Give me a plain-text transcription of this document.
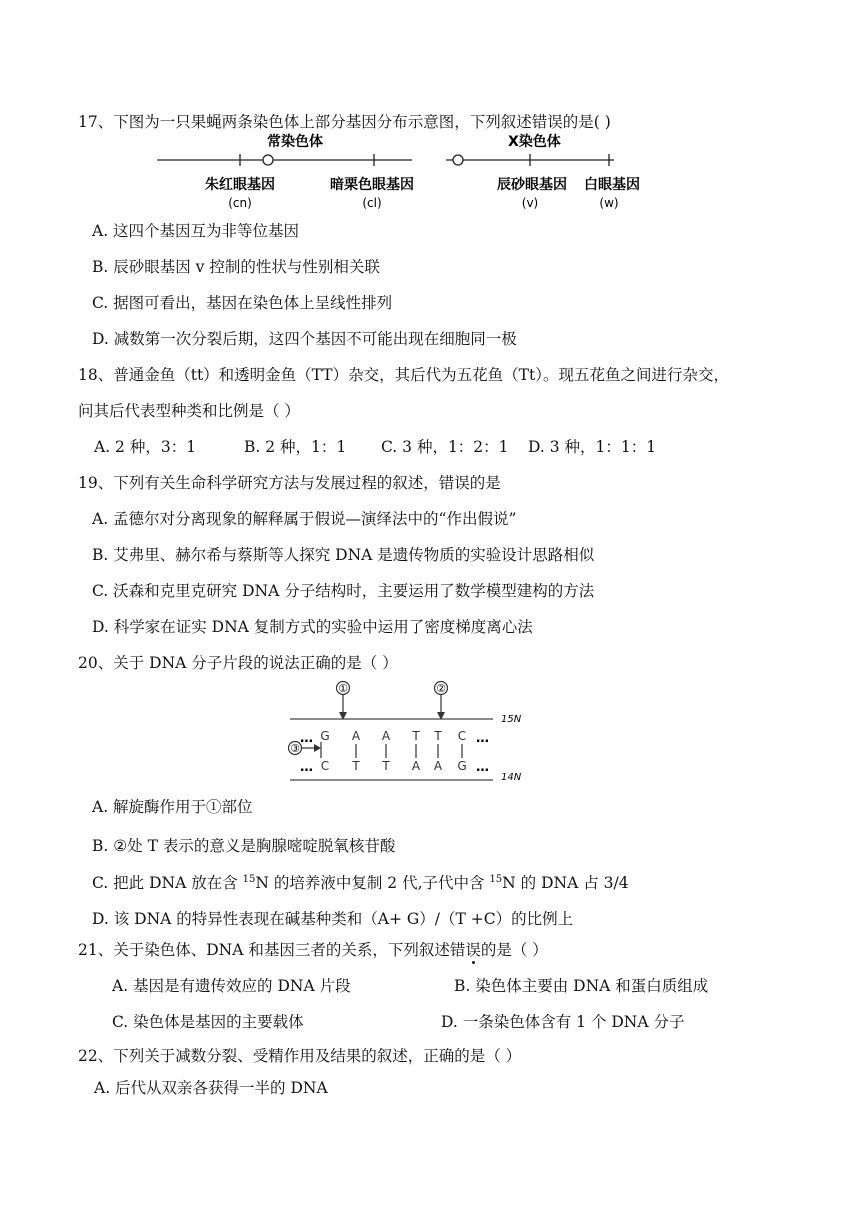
17、下图为一只果蝇两条染色体上部分基因分布示意图，下列叙述错误的是( )
常染色体
朱红眼基因
(cn)
暗栗色眼基因
(cl)
X染色体
辰砂眼基因
(v)
白眼基因
(w)
A. 这四个基因互为非等位基因
B. 辰砂眼基因 v 控制的性状与性别相关联
C. 据图可看出，基因在染色体上呈线性排列
D. 减数第一次分裂后期，这四个基因不可能出现在细胞同一极
18、普通金鱼（tt）和透明金鱼（TT）杂交，其后代为五花鱼（Tt）。现五花鱼之间进行杂交，
问其后代表型种类和比例是（ ）
A. 2 种，3：1	B. 2 种，1：1 C. 3 种，1：2：1 D. 3 种，1：1：1
19、下列有关生命科学研究方法与发展过程的叙述，错误的是
A. 孟德尔对分离现象的解释属于假说—演绎法中的“作出假说”
B. 艾弗里、赫尔希与蔡斯等人探究 DNA 是遗传物质的实验设计思路相似
C. 沃森和克里克研究 DNA 分子结构时，主要运用了数学模型建构的方法
D. 科学家在证实 DNA 复制方式的实验中运用了密度梯度离心法
20、关于 DNA 分子片段的说法正确的是（ ）
①	②
③
15N
14N
…	…
…	…
G A A T T C
C T T A A G
A. 解旋酶作用于①部位
B. ②处 T 表示的意义是胸腺嘧啶脱氧核苷酸
C. 把此 DNA 放在含 $^{15}$N 的培养液中复制 2 代,子代中含 $^{15}$N 的 DNA 占 3/4
D. 该 DNA 的特异性表现在碱基种类和（A+ G）/（T +C）的比例上
21、关于染色体、DNA 和基因三者的关系，下列叙述错误的是（ ）
A. 基因是有遗传效应的 DNA 片段	B. 染色体主要由 DNA 和蛋白质组成
C. 染色体是基因的主要载体	D. 一条染色体含有 1 个 DNA 分子
22、下列关于减数分裂、受精作用及结果的叙述，正确的是（ ）
A. 后代从双亲各获得一半的 DNA
